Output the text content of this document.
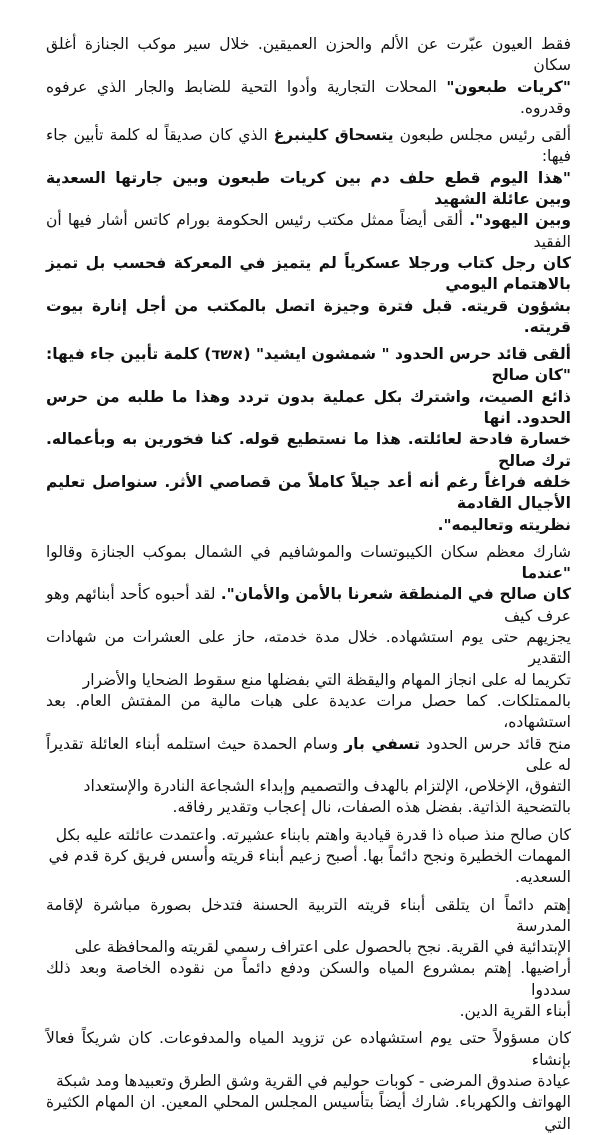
فقط العيون عبّرت عن الألم والحزن العميقين. خلال سير موكب الجنازة أغلق سكان
"كريات طبعون" المحلات التجارية وأدوا التحية للضابط والجار الذي عرفوه وقدروه.
ألقى رئيس مجلس طبعون يتسحاق كلينبرغ الذي كان صديقاً له كلمة تأبين جاء فيها:
"هذا اليوم قطع حلف دم بين كريات طبعون وبين جارتها السعدية وبين عائلة الشهيد
وبين اليهود". ألقى أيضاً ممثل مكتب رئيس الحكومة بورام كاتس أشار فيها أن الفقيد
كان رجل كتاب ورجلا عسكرياً لم يتميز في المعركة فحسب بل تميز بالاهتمام اليومي
بشؤون قريته. قبل فترة وجيزة اتصل بالمكتب من أجل إنارة بيوت قريته.
ألقى قائد حرس الحدود " شمشون ايشيد" (אשד) كلمة تأبين جاء فيها: "كان صالح
ذائع الصيت، واشترك بكل عملية بدون تردد وهذا ما طلبه من حرس الحدود. انها
خسارة فادحة لعائلته. هذا ما نستطيع قوله. كنا فخورين به وبأعماله. ترك صالح
خلفه فراغاً رغم أنه أعد جيلاً كاملاً من قصاصي الأثر. سنواصل تعليم الأجيال القادمة
نظريته وتعاليمه".
شارك معظم سكان الكيبوتسات والموشافيم في الشمال بموكب الجنازة وقالوا "عندما
كان صالح في المنطقة شعرنا بالأمن والأمان". لقد أحبوه كأحد أبنائهم وهو عرف كيف
يجزيهم حتى يوم استشهاده. خلال مدة خدمته، حاز على العشرات من شهادات التقدير
تكريما له على انجاز المهام واليقظة التي بفضلها منع سقوط الضحايا والأضرار
بالممتلكات. كما حصل مرات عديدة على هبات مالية من المفتش العام. بعد استشهاده،
منح قائد حرس الحدود تسفي بار وسام الحمدة حيث استلمه أبناء العائلة تقديراً له على
التفوق، الإخلاص، الإلتزام بالهدف والتصميم وإبداء الشجاعة النادرة والإستعداد
بالتضحية الذاتية. بفضل هذه الصفات، نال إعجاب وتقدير رفاقه.
كان صالح منذ صباه ذا قدرة قيادية واهتم بابناء عشيرته. واعتمدت عائلته عليه بكل
المهمات الخطيرة ونجح دائماً بها. أصبح زعيم أبناء قريته وأسس فريق كرة قدم في
السعديه.
إهتم دائماً ان يتلقى أبناء قريته التربية الحسنة فتدخل بصورة مباشرة لإقامة المدرسة
الإبتدائية في القرية. نجح بالحصول على اعتراف رسمي لقريته والمحافظة على
أراضيها. إهتم بمشروع المياه والسكن ودفع دائماً من نقوده الخاصة وبعد ذلك سددوا
أبناء القرية الدين.
كان مسؤولاً حتى يوم استشهاده عن تزويد المياه والمدفوعات. كان شريكاً فعالاً بإنشاء
عيادة صندوق المرضى - كوبات حوليم في القرية وشق الطرق وتعبيدها ومد شبكة
الهواتف والكهرباء. شارك أيضاً بتأسيس المجلس المحلي المعين. ان المهام الكثيرة التي
